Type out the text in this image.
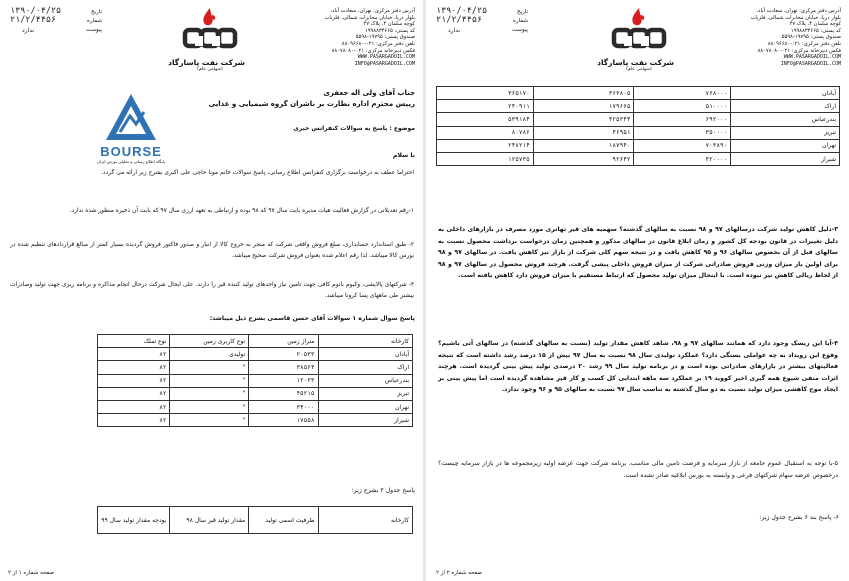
تاریخ
۱۳۹۰/۰۴/۲۵
شماره
۲۱/۲/۴۴۵۶
پیوست
ندارد
شرکت نفت پاسارگاد
(سهامی عام)
آدرس دفتر مرکزی: تهران، سعادت آباد،
بلوار دریا، خیابان مخابرات شمالی، فلزیاب
کوچه سلمان ۴، پلاک ۴۷
کد پستی: ۱۹۹۸۸۳۴۶۶۵
صندوق پستی: ۱۹۷۹۵-۵۵۹۸
تلفن دفتر مرکزی: ۰۲۱-۸۸۰۹۶۶۸۰
فکس دبیرخانه مرکزی: ۰۲۱-۸۸۰۷۸۰۸۰
WWW.PASARGADOIL.COM
INFO@PASARGADOIL.COM
BOURSE
پایگاه اطلاع رسانی و تحلیلی بورس ایران
جناب آقای ولی اله جعفری
رییس محترم اداره نظارت بر ناشران گروه شیمیایی و غذایی
موضوع : پاسخ به سوالات کنفرانس خبری
با سلام
احتراما عطف به درخواست برگزاری کنفرانس اطلاع رسانی، پاسخ سوالات خانم مونا حاجی علی اکبری بشرح زیر ارائه می گردد.
۱-رقم تعدیلاتی در گزارش فعالیت هیات مدیره بابت سال ۹۷ که ۹۸ بوده و ارتباطی به تعهد ارزی سال ۹۷ که بابت آن ذخیره منظور شده ندارد.
۲- طبق استاندارد حسابداری، مبلغ فروش واقعی شرکت که منجر به خروج کالا از انبار و صدور فاکتور فروش گردیده بسیار کمتر از مبالغ قراردادهای تنظیم شده در بورس کالا میباشد. لذا رقم اعلام شده بعنوان فروش شرکت صحیح میباشد.
۳- شرکتهای پالایشی، وکیوم باتوم کافی جهت تامین نیاز واحدهای تولید کننده قیر را دارند. علی ایحال شرکت درحال انجام مذاکره و برنامه ریزی جهت تولید وصادرات بیشتر طی ماههای پسا کرونا میباشد.
پاسخ سوال شماره ۱ سوالات آقای حسن قاسمی بشرح ذیل میباشد:
کارخانه	متراژ زمین	نوع کاربری زمین	نوع تملک
آبادان	۲۰۵۳۳	تولیدی	۸۲
اراک	۳۸۵۶۴	"	۸۲
بندرعباس	۱۲۰۳۳	"	۸۲
تبریز	۴۵۲۱۵	"	۸۲
تهران	۳۴۰۰۰	"	۸۲
شیراز	۱۷۵۵۸	"	۸۲
پاسخ جدول ۲ بشرح زیر:
کارخانه	ظرفیت اسمی تولید	مقدار تولید قیر سال ۹۸	بودجه مقدار تولید سال ۹۹
صفحه شماره ۱ از ۲
تاریخ
۱۳۹۰/۰۴/۲۵
شماره
۲۱/۲/۴۴۵۶
پیوست
ندارد
شرکت نفت پاسارگاد
(سهامی عام)
آدرس دفتر مرکزی: تهران، سعادت آباد،
بلوار دریا، خیابان مخابرات شمالی، فلزیاب
کوچه سلمان ۴، پلاک ۴۷
کد پستی: ۱۹۹۸۸۳۴۶۶۵
صندوق پستی: ۱۹۷۹۵-۵۵۹۸
تلفن دفتر مرکزی: ۰۲۱-۸۸۰۹۶۶۸۰
فکس دبیرخانه مرکزی: ۰۲۱-۸۸۰۷۸۰۸۰
WWW.PASARGADOIL.COM
INFO@PASARGADOIL.COM
آبادان	۷۶۸۰۰۰	۳۶۳۸۰۵	۳۶۵۱۷۰
اراک	۵۱۰۰۰۰	۱۷۹۶۶۵	۲۴۰۹۱۱
بندرعباس	۶۹۲۰۰۰	۴۲۵۳۴۴	۵۳۹۱۸۴
تبریز	۳۵۰۰۰۰	۴۶۹۵۱	۸۰۷۸۶
تهران	۷۰۳۸۹۰	۱۸۷۹۴۰	۲۴۸۲۱۴
شیراز	۴۲۰۰۰۰	۹۲۶۴۲	۱۲۵۷۳۵
۳-دلیل کاهش تولید شرکت درسالهای ۹۷ و ۹۸ نسبت به سالهای گذشته؟ سهمیه های قیر تهاتری مورد مصرف در بازارهای داخلی به دلیل تغییرات در قانون بودجه کل کشور و زمان ابلاغ قانون در سالهای مذکور و همچنین زمان درخواست برداشت محصول نسبت به سالهای قبل از آن بخصوص سالهای ۹۶ و ۹۵ کاهش یافت و در نتیجه سهم کلی شرکت از بازار نیز کاهش یافت. در سالهای ۹۷ و ۹۸ برای اولین بار میزان وزنی فروش صادراتی شرکت از میزان فروش داخلی پیشی گرفت. هرچند فروش محصول در سالهای ۹۷ و ۹۸ از لحاظ ریالی کاهش نیز نبوده است. با اینحال میزان تولید محصول که ارتباط مستقیم با میزان فروش دارد کاهش یافته است.
۴-آیا این ریسک وجود دارد که همانند سالهای ۹۷ و ۹۸، شاهد کاهش مقدار تولید (نسبت به سالهای گذشته) در سالهای آتی باشیم؟ وقوع این رویداد به چه عواملی بستگی دارد؟ عملکرد تولیدی سال ۹۸ نسبت به سال ۹۷ بیش از ۱۵ درصد رشد داشته است که نتیجه فعالیتهای بیشتر در بازارهای صادراتی بوده است و در برنامه تولید سال ۹۹ رشد ۲۰ درصدی تولید پیش بینی گردیده است. هرچند اثرات منفی شیوع همه گیری اخیر کووید ۱۹ بر عملکرد سه ماهه ابتدایی کل کسب و کار قیر مشاهده گردیده است اما پیش بینی بر ایجاد موج کاهشی میزان تولید نسبت به دو سال گذشته به تناسب سال ۹۷ نسبت به سالهای ۹۵ و ۹۶ وجود ندارد.
۵-با توجه به استقبال عموم جامعه از بازار سرمایه و فرصت تامین مالی مناسب، برنامه شرکت جهت عرضه اولیه زیرمجموعه ها در بازار سرمایه چیست؟ درخصوص عرضه سهام شرکتهای فرعی و وابسته به بورس ابلاغیه صادر نشده است.
۶- پاسخ بند ۶ بشرح جدول زیر:
صفحه شماره ۲ از ۲
